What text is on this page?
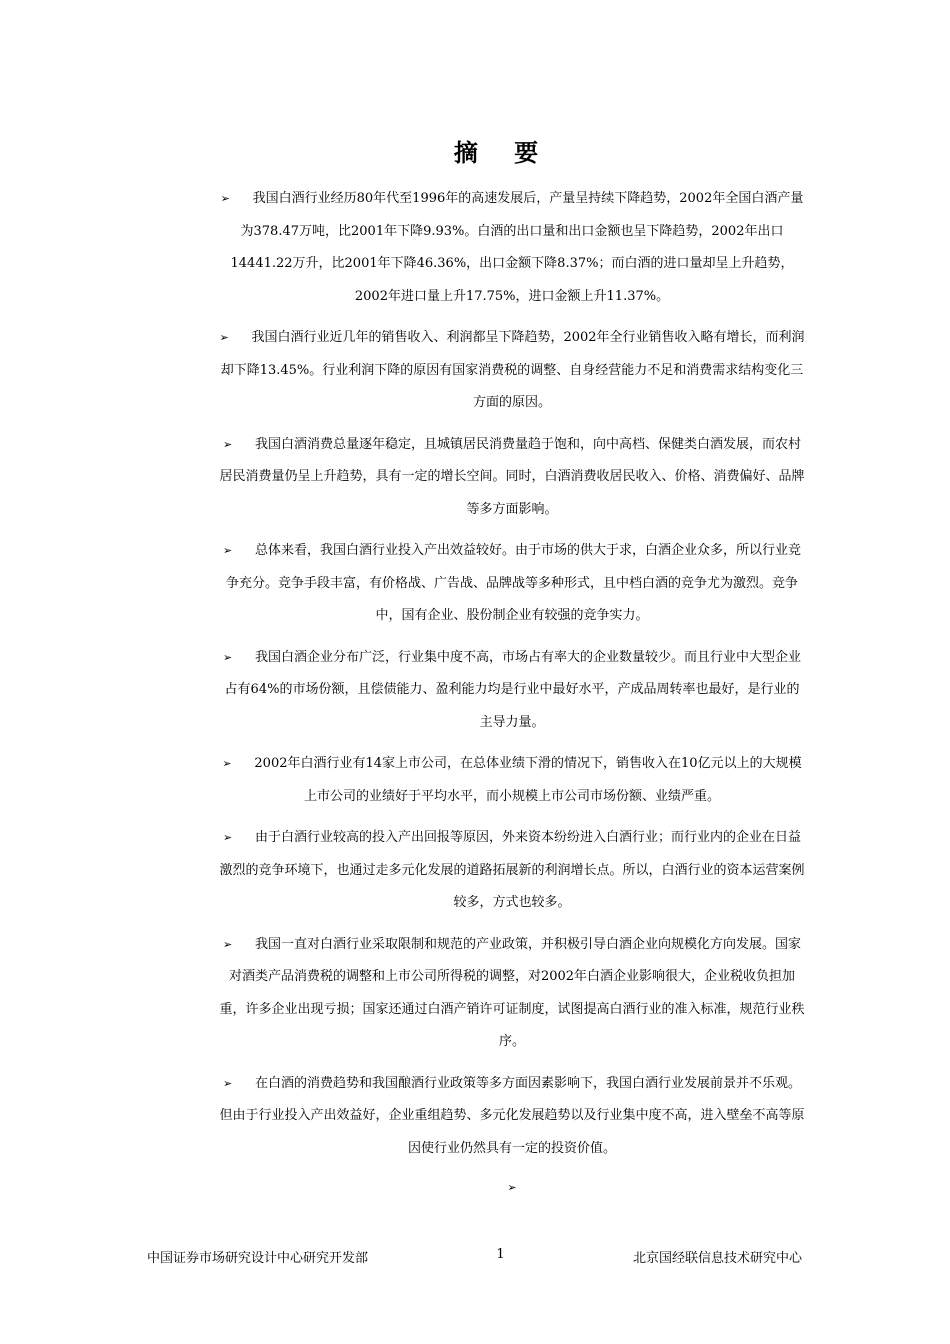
摘 要

➢ 我国白酒行业经历80年代至1996年的高速发展后，产量呈持续下降趋势，2002年全国白酒产量为378.47万吨，比2001年下降9.93%。白酒的出口量和出口金额也呈下降趋势，2002年出口14441.22万升，比2001年下降46.36%，出口金额下降8.37%；而白酒的进口量却呈上升趋势，2002年进口量上升17.75%，进口金额上升11.37%。

➢ 我国白酒行业近几年的销售收入、利润都呈下降趋势，2002年全行业销售收入略有增长，而利润却下降13.45%。行业利润下降的原因有国家消费税的调整、自身经营能力不足和消费需求结构变化三方面的原因。

➢ 我国白酒消费总量逐年稳定，且城镇居民消费量趋于饱和，向中高档、保健类白酒发展，而农村居民消费量仍呈上升趋势，具有一定的增长空间。同时，白酒消费收居民收入、价格、消费偏好、品牌等多方面影响。

➢ 总体来看，我国白酒行业投入产出效益较好。由于市场的供大于求，白酒企业众多，所以行业竞争充分。竞争手段丰富，有价格战、广告战、品牌战等多种形式，且中档白酒的竞争尤为激烈。竞争中，国有企业、股份制企业有较强的竞争实力。

➢ 我国白酒企业分布广泛，行业集中度不高，市场占有率大的企业数量较少。而且行业中大型企业占有64%的市场份额，且偿债能力、盈利能力均是行业中最好水平，产成品周转率也最好，是行业的主导力量。

➢ 2002年白酒行业有14家上市公司，在总体业绩下滑的情况下，销售收入在10亿元以上的大规模上市公司的业绩好于平均水平，而小规模上市公司市场份额、业绩严重。

➢ 由于白酒行业较高的投入产出回报等原因，外来资本纷纷进入白酒行业；而行业内的企业在日益激烈的竞争环境下，也通过走多元化发展的道路拓展新的利润增长点。所以，白酒行业的资本运营案例较多，方式也较多。

➢ 我国一直对白酒行业采取限制和规范的产业政策，并积极引导白酒企业向规模化方向发展。国家对酒类产品消费税的调整和上市公司所得税的调整，对2002年白酒企业影响很大，企业税收负担加重，许多企业出现亏损；国家还通过白酒产销许可证制度，试图提高白酒行业的准入标准，规范行业秩序。

➢ 在白酒的消费趋势和我国酿酒行业政策等多方面因素影响下，我国白酒行业发展前景并不乐观。但由于行业投入产出效益好，企业重组趋势、多元化发展趋势以及行业集中度不高，进入壁垒不高等原因使行业仍然具有一定的投资价值。

➢
中国证券市场研究设计中心研究开发部	1	北京国经联信息技术研究中心
